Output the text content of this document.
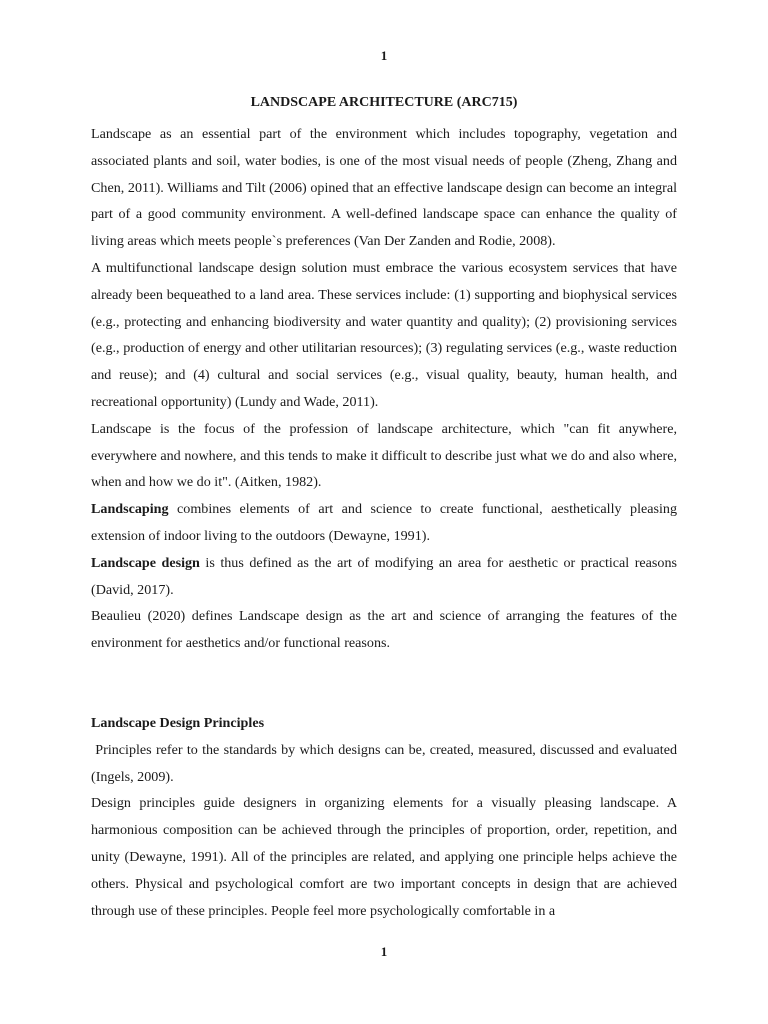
1
LANDSCAPE ARCHITECTURE (ARC715)

Landscape as an essential part of the environment which includes topography, vegetation and associated plants and soil, water bodies, is one of the most visual needs of people (Zheng, Zhang and Chen, 2011). Williams and Tilt (2006) opined that an effective landscape design can become an integral part of a good community environment. A well-defined landscape space can enhance the quality of living areas which meets people`s preferences (Van Der Zanden and Rodie, 2008).

A multifunctional landscape design solution must embrace the various ecosystem services that have already been bequeathed to a land area. These services include: (1) supporting and biophysical services (e.g., protecting and enhancing biodiversity and water quantity and quality); (2) provisioning services (e.g., production of energy and other utilitarian resources); (3) regulating services (e.g., waste reduction and reuse); and (4) cultural and social services (e.g., visual quality, beauty, human health, and recreational opportunity) (Lundy and Wade, 2011).

Landscape is the focus of the profession of landscape architecture, which "can fit anywhere, everywhere and nowhere, and this tends to make it difficult to describe just what we do and also where, when and how we do it". (Aitken, 1982).

Landscaping combines elements of art and science to create functional, aesthetically pleasing extension of indoor living to the outdoors (Dewayne, 1991).

Landscape design is thus defined as the art of modifying an area for aesthetic or practical reasons (David, 2017).

Beaulieu (2020) defines Landscape design as the art and science of arranging the features of the environment for aesthetics and/or functional reasons.

Landscape Design Principles

Principles refer to the standards by which designs can be, created, measured, discussed and evaluated (Ingels, 2009).

Design principles guide designers in organizing elements for a visually pleasing landscape. A harmonious composition can be achieved through the principles of proportion, order, repetition, and unity (Dewayne, 1991). All of the principles are related, and applying one principle helps achieve the others. Physical and psychological comfort are two important concepts in design that are achieved through use of these principles. People feel more psychologically comfortable in a

1
